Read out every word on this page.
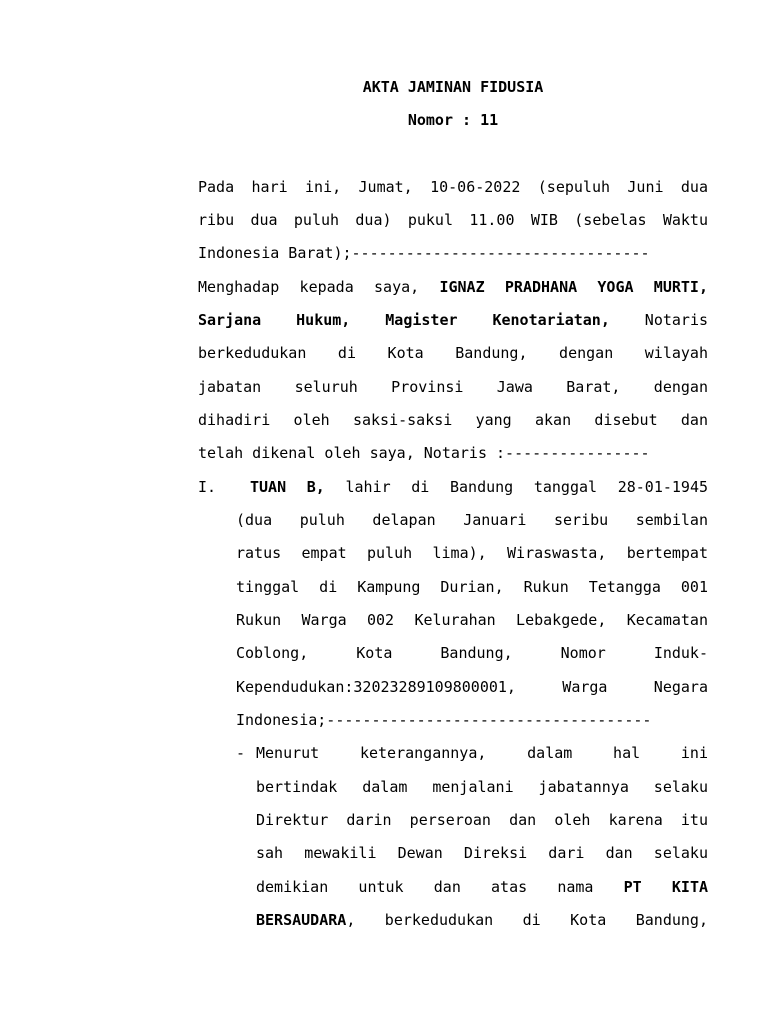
AKTA JAMINAN FIDUSIA
Nomor : 11
Pada hari ini, Jumat, 10-06-2022 (sepuluh Juni dua
ribu dua puluh dua) pukul 11.00 WIB (sebelas Waktu
Indonesia Barat);---------------------------------
Menghadap kepada saya, IGNAZ PRADHANA YOGA MURTI,
Sarjana Hukum, Magister Kenotariatan, Notaris
berkedudukan di Kota Bandung, dengan wilayah
jabatan seluruh Provinsi Jawa Barat, dengan
dihadiri oleh saksi-saksi yang akan disebut dan
telah dikenal oleh saya, Notaris :----------------
I. TUAN B, lahir di Bandung tanggal 28-01-1945
(dua puluh delapan Januari seribu sembilan
ratus empat puluh lima), Wiraswasta, bertempat
tinggal di Kampung Durian, Rukun Tetangga 001
Rukun Warga 002 Kelurahan Lebakgede, Kecamatan
Coblong, Kota Bandung, Nomor Induk-
Kependudukan:32023289109800001, Warga Negara
Indonesia;------------------------------------
- Menurut keterangannya, dalam hal ini
bertindak dalam menjalani jabatannya selaku
Direktur darin perseroan dan oleh karena itu
sah mewakili Dewan Direksi dari dan selaku
demikian untuk dan atas nama PT KITA
BERSAUDARA, berkedudukan di Kota Bandung,
